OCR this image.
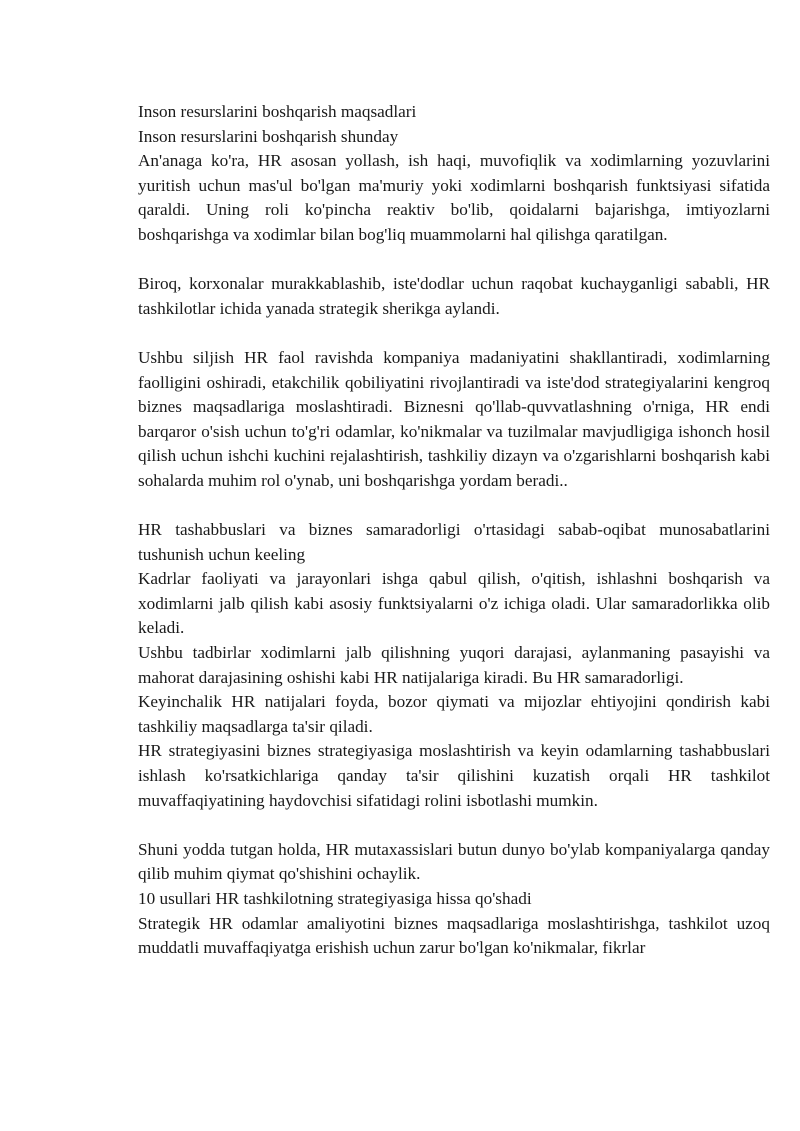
Inson resurslarini boshqarish maqsadlari

Inson resurslarini boshqarish shunday

An'anaga ko'ra, HR asosan yollash, ish haqi, muvofiqlik va xodimlarning yozuvlarini yuritish uchun mas'ul bo'lgan ma'muriy yoki xodimlarni boshqarish funktsiyasi sifatida qaraldi. Uning roli ko'pincha reaktiv bo'lib, qoidalarni bajarishga, imtiyozlarni boshqarishga va xodimlar bilan bog'liq muammolarni hal qilishga qaratilgan.

Biroq, korxonalar murakkablashib, iste'dodlar uchun raqobat kuchayganligi sababli, HR tashkilotlar ichida yanada strategik sherikga aylandi.

Ushbu siljish HR faol ravishda kompaniya madaniyatini shakllantiradi, xodimlarning faolligini oshiradi, etakchilik qobiliyatini rivojlantiradi va iste'dod strategiyalarini kengroq biznes maqsadlariga moslashtiradi. Biznesni qo'llab-quvvatlashning o'rniga, HR endi barqaror o'sish uchun to'g'ri odamlar, ko'nikmalar va tuzilmalar mavjudligiga ishonch hosil qilish uchun ishchi kuchini rejalashtirish, tashkiliy dizayn va o'zgarishlarni boshqarish kabi sohalarda muhim rol o'ynab, uni boshqarishga yordam beradi..

HR tashabbuslari va biznes samaradorligi o'rtasidagi sabab-oqibat munosabatlarini tushunish uchun keeling

Kadrlar faoliyati va jarayonlari ishga qabul qilish, o'qitish, ishlashni boshqarish va xodimlarni jalb qilish kabi asosiy funktsiyalarni o'z ichiga oladi. Ular samaradorlikka olib keladi.

Ushbu tadbirlar xodimlarni jalb qilishning yuqori darajasi, aylanmaning pasayishi va mahorat darajasining oshishi kabi HR natijalariga kiradi. Bu HR samaradorligi.

Keyinchalik HR natijalari foyda, bozor qiymati va mijozlar ehtiyojini qondirish kabi tashkiliy maqsadlarga ta'sir qiladi.

HR strategiyasini biznes strategiyasiga moslashtirish va keyin odamlarning tashabbuslari ishlash ko'rsatkichlariga qanday ta'sir qilishini kuzatish orqali HR tashkilot muvaffaqiyatining haydovchisi sifatidagi rolini isbotlashi mumkin.

Shuni yodda tutgan holda, HR mutaxassislari butun dunyo bo'ylab kompaniyalarga qanday qilib muhim qiymat qo'shishini ochaylik.

10 usullari HR tashkilotning strategiyasiga hissa qo'shadi

Strategik HR odamlar amaliyotini biznes maqsadlariga moslashtirishga, tashkilot uzoq muddatli muvaffaqiyatga erishish uchun zarur bo'lgan ko'nikmalar, fikrlar
